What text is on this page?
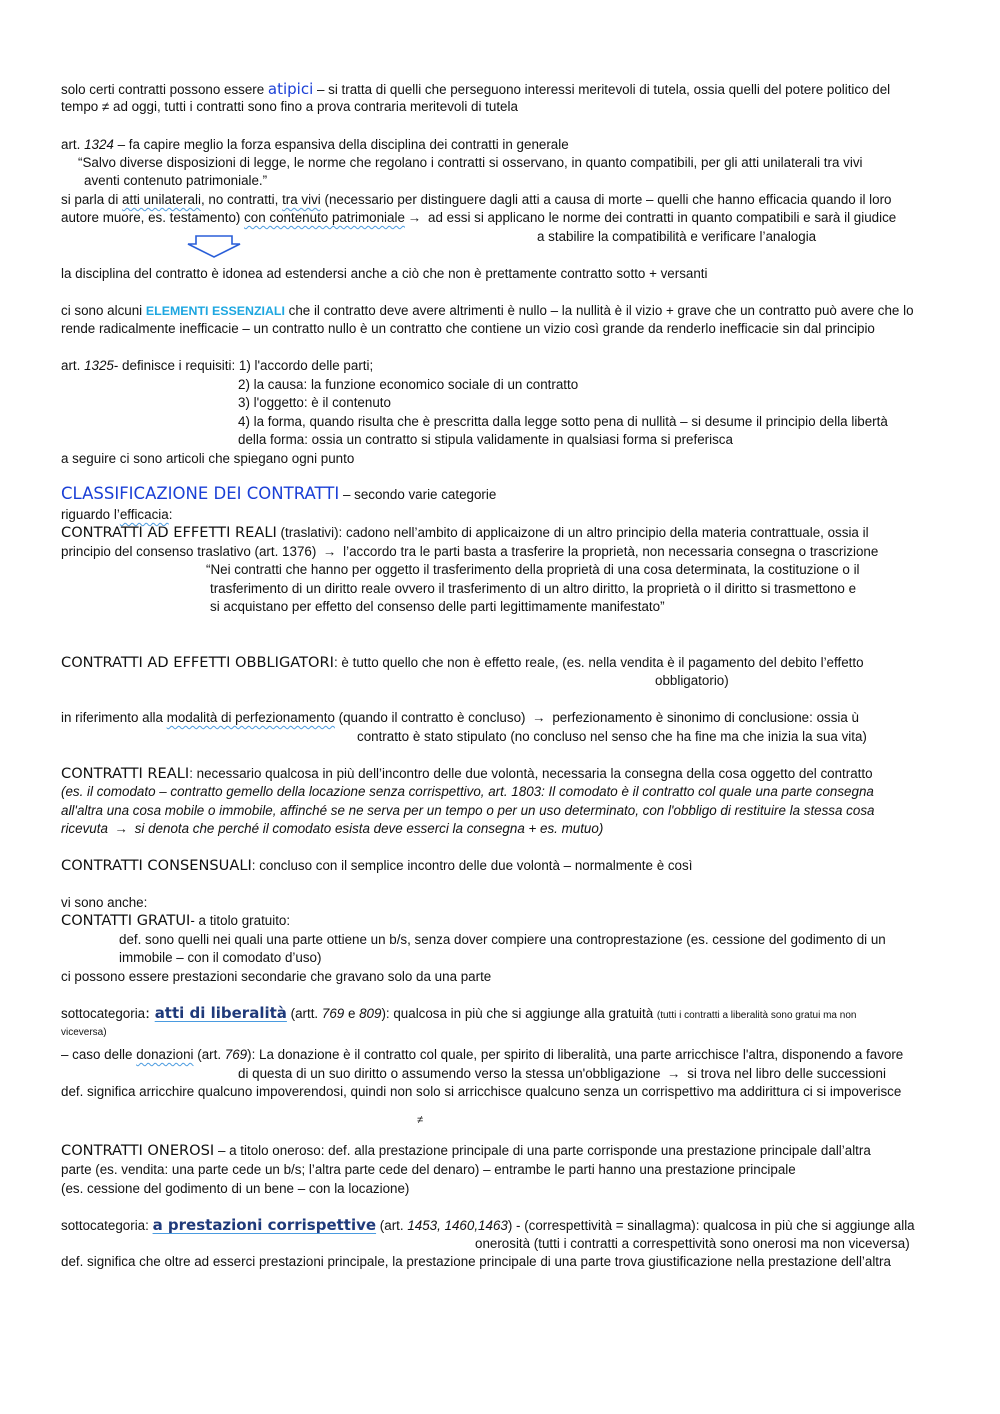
solo certi contratti possono essere atipici – si tratta di quelli che perseguono interessi meritevoli di tutela, ossia quelli del potere politico del
tempo ≠ ad oggi, tutti i contratti sono fino a prova contraria meritevoli di tutela
art. 1324 – fa capire meglio la forza espansiva della disciplina dei contratti in generale
“Salvo diverse disposizioni di legge, le norme che regolano i contratti si osservano, in quanto compatibili, per gli atti unilaterali tra vivi
aventi contenuto patrimoniale.”
si parla di atti unilaterali, no contratti, tra vivi (necessario per distinguere dagli atti a causa di morte – quelli che hanno efficacia quando il loro
autore muore, es. testamento) con contenuto patrimoniale → ad essi si applicano le norme dei contratti in quanto compatibili e sarà il giudice
a stabilire la compatibilità e verificare l’analogia
la disciplina del contratto è idonea ad estendersi anche a ciò che non è prettamente contratto sotto + versanti
ci sono alcuni ELEMENTI ESSENZIALI che il contratto deve avere altrimenti è nullo – la nullità è il vizio + grave che un contratto può avere che lo
rende radicalmente inefficacie – un contratto nullo è un contratto che contiene un vizio così grande da renderlo inefficacie sin dal principio
art. 1325- definisce i requisiti: 1) l'accordo delle parti;
2) la causa: la funzione economico sociale di un contratto
3) l'oggetto: è il contenuto
4) la forma, quando risulta che è prescritta dalla legge sotto pena di nullità – si desume il principio della libertà
della forma: ossia un contratto si stipula validamente in qualsiasi forma si preferisca
a seguire ci sono articoli che spiegano ogni punto
CLASSIFICAZIONE DEI CONTRATTI – secondo varie categorie
riguardo l’efficacia:
CONTRATTI AD EFFETTI REALI (traslativi): cadono nell’ambito di applicaizone di un altro principio della materia contrattuale, ossia il
principio del consenso traslativo (art. 1376) → l’accordo tra le parti basta a trasferire la proprietà, non necessaria consegna o trascrizione
“Nei contratti che hanno per oggetto il trasferimento della proprietà di una cosa determinata, la costituzione o il
trasferimento di un diritto reale ovvero il trasferimento di un altro diritto, la proprietà o il diritto si trasmettono e
si acquistano per effetto del consenso delle parti legittimamente manifestato”
CONTRATTI AD EFFETTI OBBLIGATORI: è tutto quello che non è effetto reale, (es. nella vendita è il pagamento del debito l’effetto
obbligatorio)
in riferimento alla modalità di perfezionamento (quando il contratto è concluso) → perfezionamento è sinonimo di conclusione: ossia ù
contratto è stato stipulato (no concluso nel senso che ha fine ma che inizia la sua vita)
CONTRATTI REALI: necessario qualcosa in più dell’incontro delle due volontà, necessaria la consegna della cosa oggetto del contratto
(es. il comodato – contratto gemello della locazione senza corrispettivo, art. 1803: Il comodato è il contratto col quale una parte consegna
all'altra una cosa mobile o immobile, affinché se ne serva per un tempo o per un uso determinato, con l'obbligo di restituire la stessa cosa
ricevuta → si denota che perché il comodato esista deve esserci la consegna + es. mutuo)
CONTRATTI CONSENSUALI: concluso con il semplice incontro delle due volontà – normalmente è così
vi sono anche:
CONTATTI GRATUI- a titolo gratuito:
def. sono quelli nei quali una parte ottiene un b/s, senza dover compiere una controprestazione (es. cessione del godimento di un
immobile – con il comodato d’uso)
ci possono essere prestazioni secondarie che gravano solo da una parte
sottocategoria: atti di liberalità (artt. 769 e 809): qualcosa in più che si aggiunge alla gratuità (tutti i contratti a liberalità sono gratui ma non
viceversa)
– caso delle donazioni (art. 769): La donazione è il contratto col quale, per spirito di liberalità, una parte arricchisce l'altra, disponendo a favore
di questa di un suo diritto o assumendo verso la stessa un'obbligazione → si trova nel libro delle successioni
def. significa arricchire qualcuno impoverendosi, quindi non solo si arricchisce qualcuno senza un corrispettivo ma addirittura ci si impoverisce
≠
CONTRATTI ONEROSI – a titolo oneroso: def. alla prestazione principale di una parte corrisponde una prestazione principale dall’altra
parte (es. vendita: una parte cede un b/s; l’altra parte cede del denaro) – entrambe le parti hanno una prestazione principale
(es. cessione del godimento di un bene – con la locazione)
sottocategoria: a prestazioni corrispettive (art. 1453, 1460,1463) - (correspettività = sinallagma): qualcosa in più che si aggiunge alla
onerosità (tutti i contratti a correspettività sono onerosi ma non viceversa)
def. significa che oltre ad esserci prestazioni principale, la prestazione principale di una parte trova giustificazione nella prestazione dell’altra
